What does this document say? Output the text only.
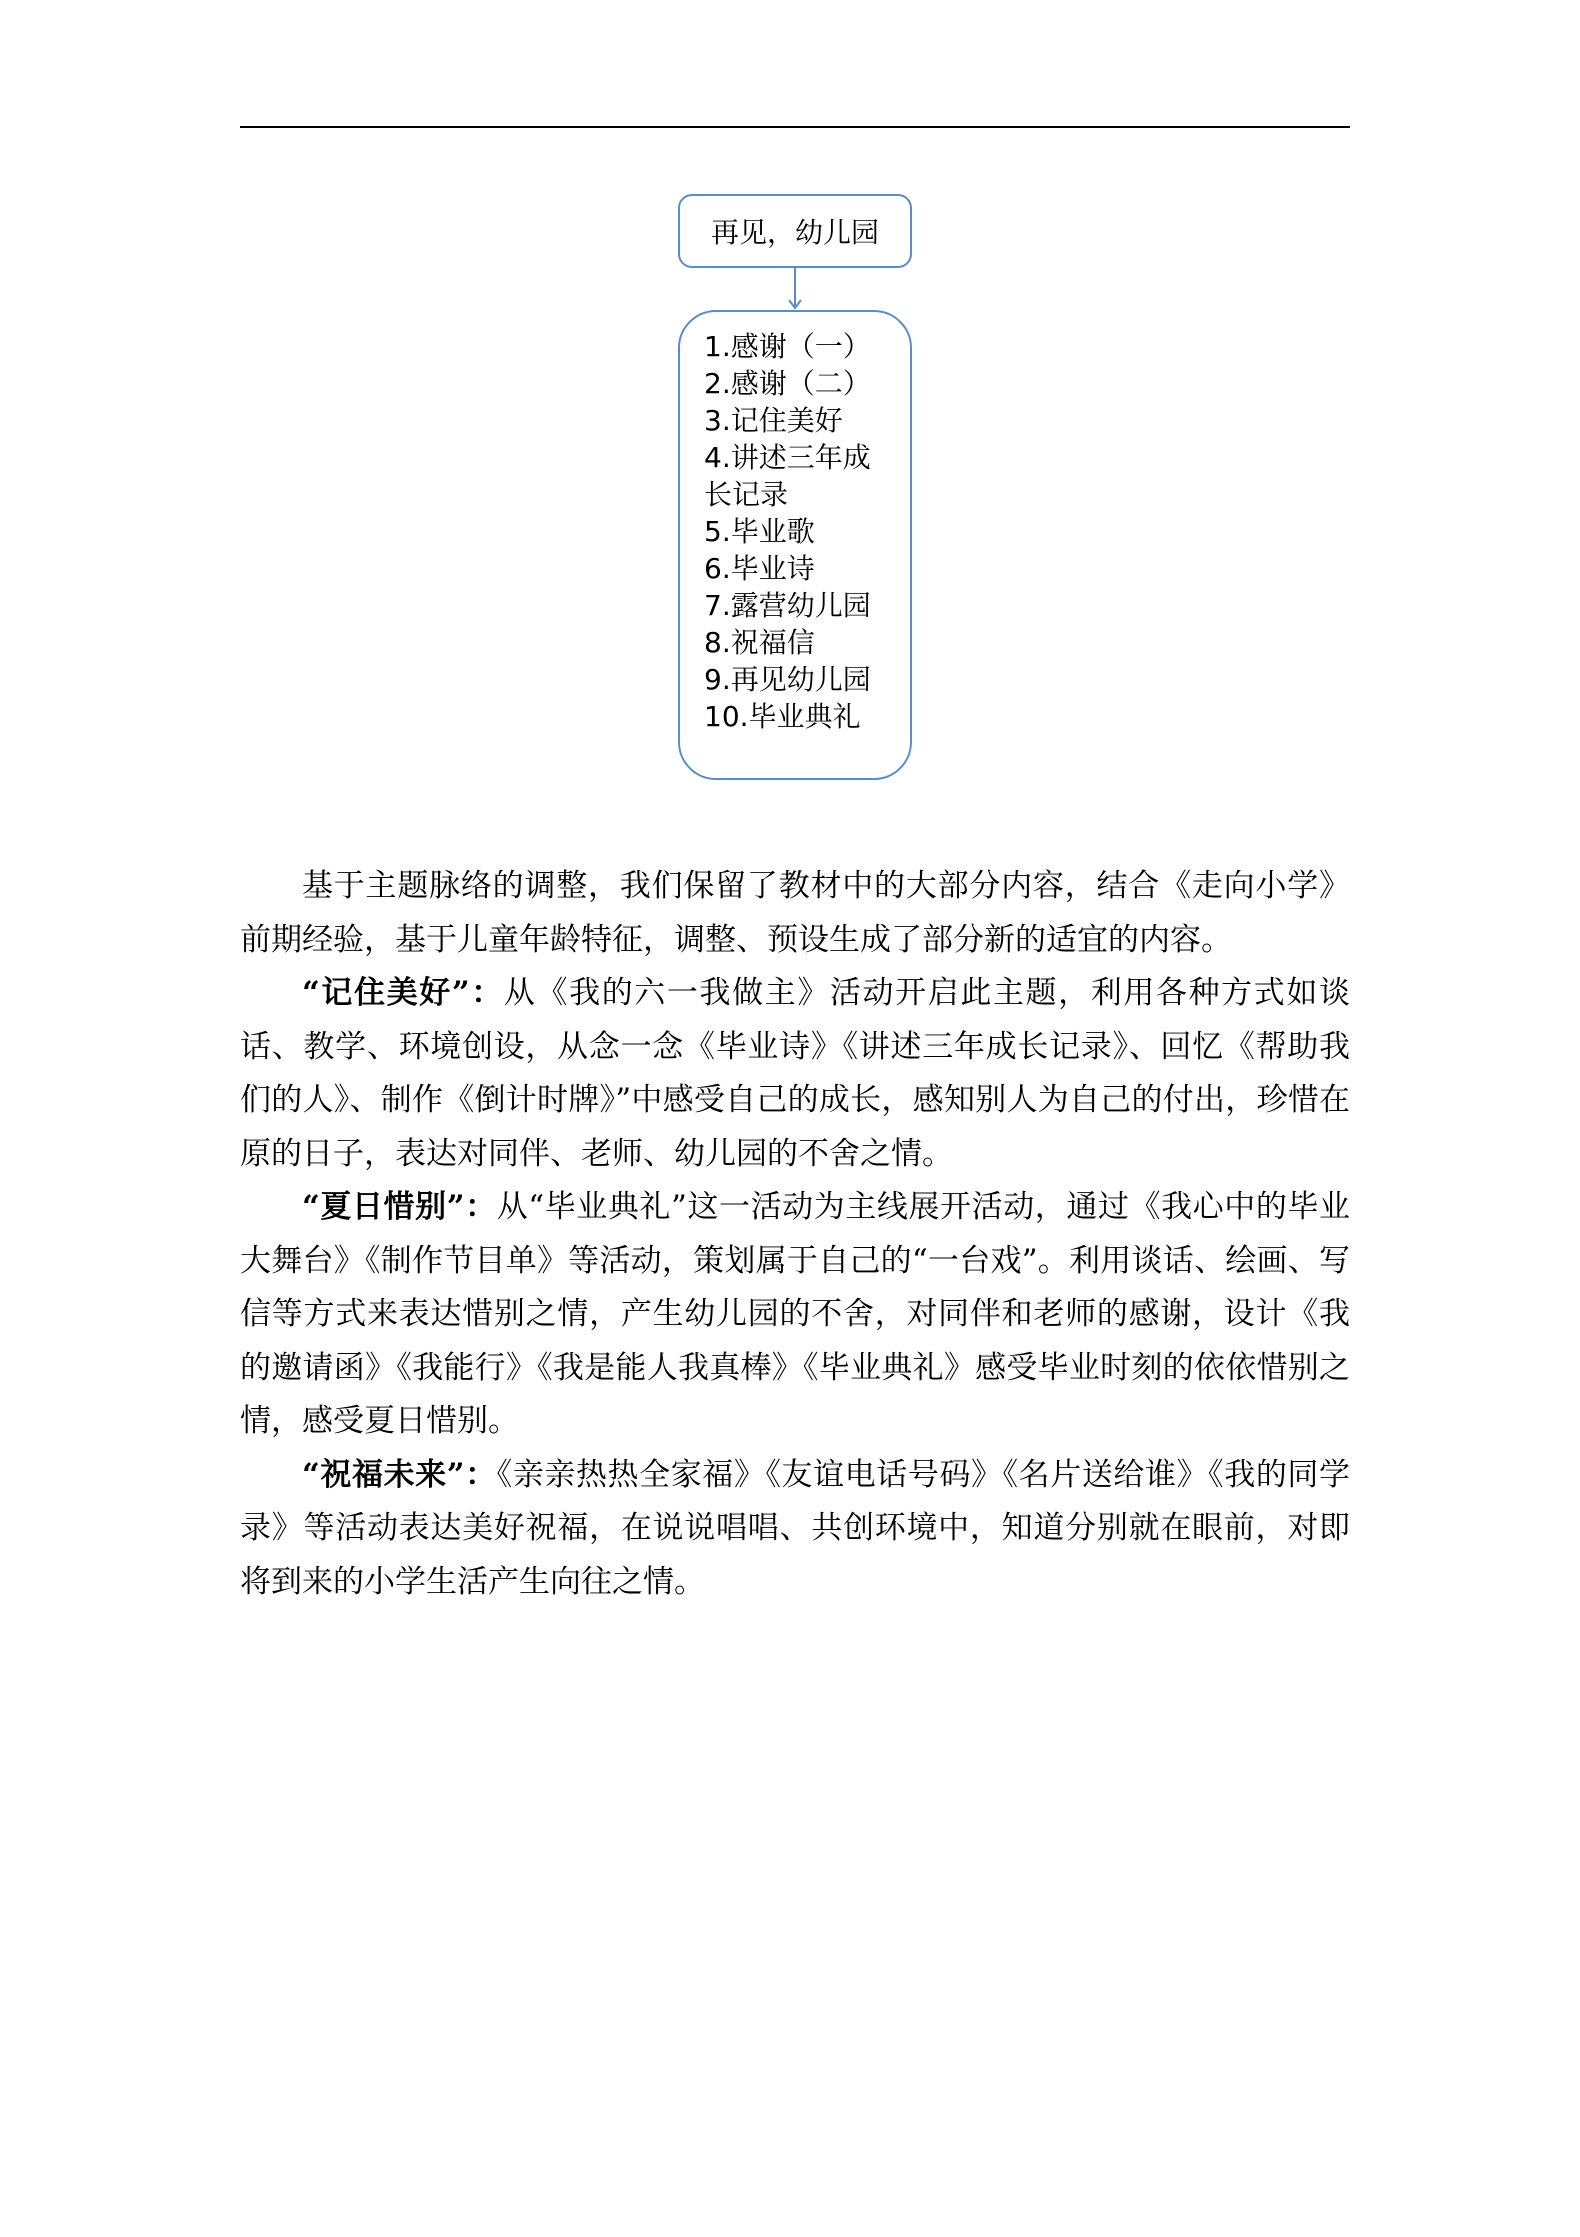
再见，幼儿园
1.感谢（一）
2.感谢（二）
3.记住美好
4.讲述三年成长记录
5.毕业歌
6.毕业诗
7.露营幼儿园
8.祝福信
9.再见幼儿园
10.毕业典礼

基于主题脉络的调整，我们保留了教材中的大部分内容，结合《走向小学》前期经验，基于儿童年龄特征，调整、预设生成了部分新的适宜的内容。

“记住美好”：从《我的六一我做主》活动开启此主题，利用各种方式如谈话、教学、环境创设，从念一念《毕业诗》《讲述三年成长记录》、回忆《帮助我们的人》、制作《倒计时牌》”中感受自己的成长，感知别人为自己的付出，珍惜在原的日子，表达对同伴、老师、幼儿园的不舍之情。

“夏日惜别”：从“毕业典礼”这一活动为主线展开活动，通过《我心中的毕业大舞台》《制作节目单》等活动，策划属于自己的“一台戏”。利用谈话、绘画、写信等方式来表达惜别之情，产生幼儿园的不舍，对同伴和老师的感谢，设计《我的邀请函》《我能行》《我是能人我真棒》《毕业典礼》感受毕业时刻的依依惜别之情，感受夏日惜别。

“祝福未来”：《亲亲热热全家福》《友谊电话号码》《名片送给谁》《我的同学录》等活动表达美好祝福，在说说唱唱、共创环境中，知道分别就在眼前，对即将到来的小学生活产生向往之情。
